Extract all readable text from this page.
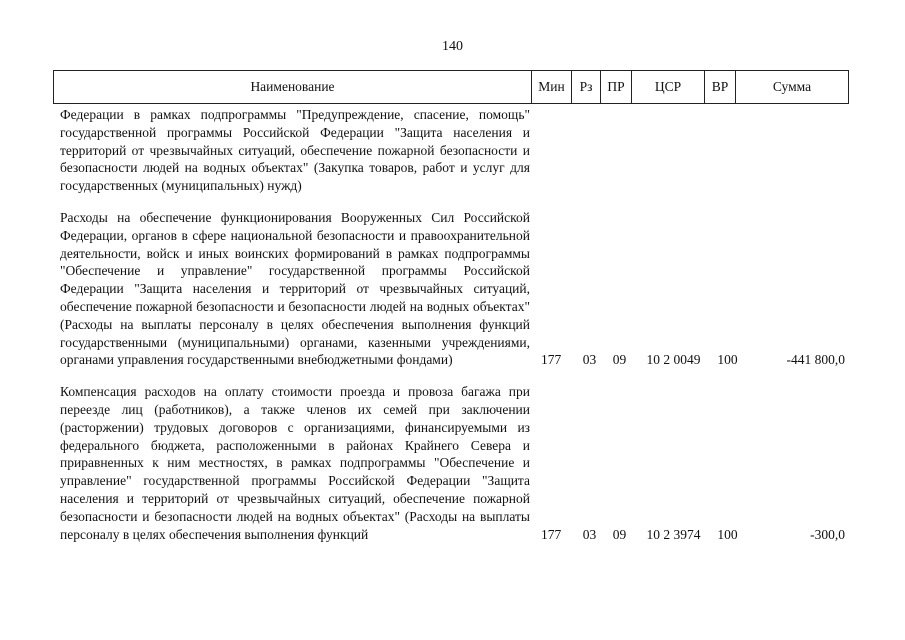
140
Наименование	Мин	Рз	ПР	ЦСР	ВР	Сумма
Федерации в рамках подпрограммы "Предупреждение, спасение, помощь" государственной программы Российской Федерации "Защита населения и территорий от чрезвычайных ситуаций, обеспечение пожарной безопасности и безопасности людей на водных объектах" (Закупка товаров, работ и услуг для государственных (муниципальных) нужд)
Расходы на обеспечение функционирования Вооруженных Сил Российской Федерации, органов в сфере национальной безопасности и правоохранительной деятельности, войск и иных воинских формирований в рамках подпрограммы "Обеспечение и управление" государственной программы Российской Федерации "Защита населения и территорий от чрезвычайных ситуаций, обеспечение пожарной безопасности и безопасности людей на водных объектах" (Расходы на выплаты персоналу в целях обеспечения выполнения функций государственными (муниципальными) органами, казенными учреждениями, органами управления государственными внебюджетными фондами)	177	03	09	10 2 0049	100	-441 800,0
Компенсация расходов на оплату стоимости проезда и провоза багажа при переезде лиц (работников), а также членов их семей при заключении (расторжении) трудовых договоров с организациями, финансируемыми из федерального бюджета, расположенными в районах Крайнего Севера и приравненных к ним местностях, в рамках подпрограммы "Обеспечение и управление" государственной программы Российской Федерации "Защита населения и территорий от чрезвычайных ситуаций, обеспечение пожарной безопасности и безопасности людей на водных объектах" (Расходы на выплаты персоналу в целях обеспечения выполнения функций	177	03	09	10 2 3974	100	-300,0
